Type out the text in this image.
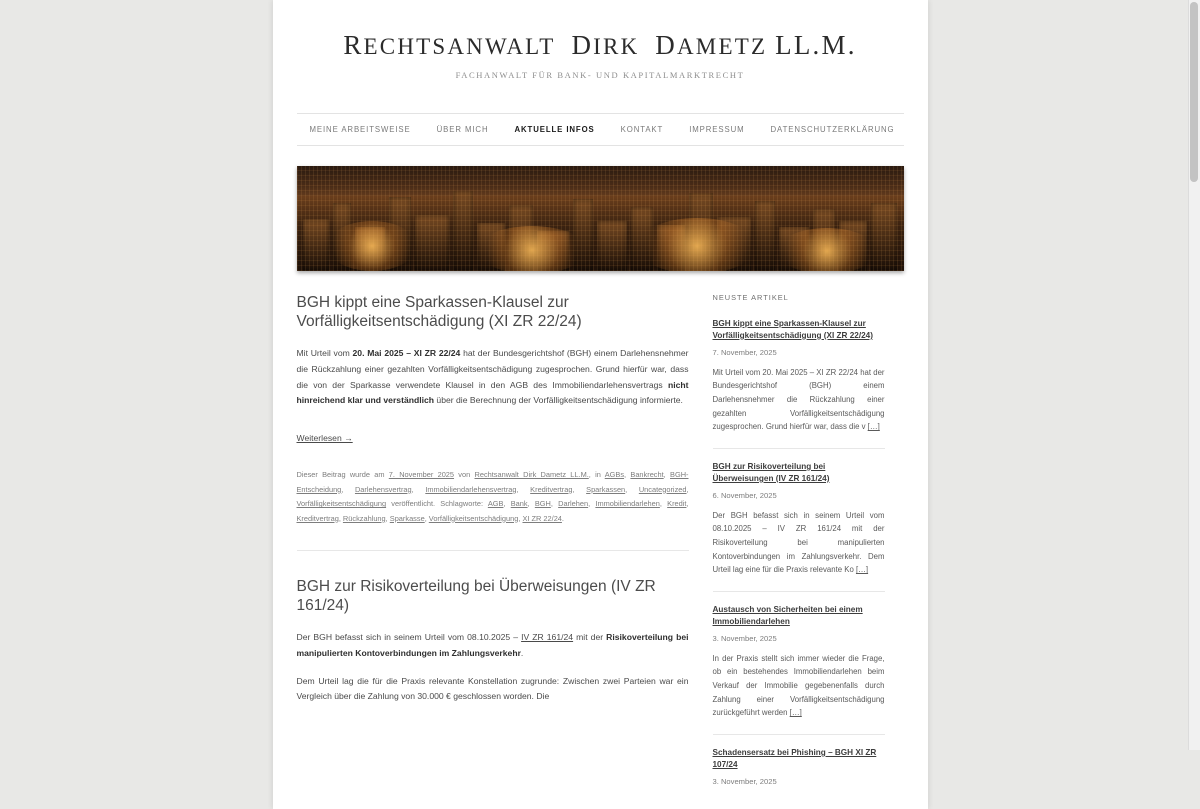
RECHTSANWALT DIRK DAMETZ LL.M.

FACHANWALT FÜR BANK- UND KAPITALMARKTRECHT

MEINE ARBEITSWEISE	ÜBER MICH	AKTUELLE INFOS	KONTAKT	IMPRESSUM	DATENSCHUTZERKLÄRUNG
BGH kippt eine Sparkassen-Klausel zur Vorfälligkeitsentschädigung (XI ZR 22/24)

Mit Urteil vom 20. Mai 2025 – XI ZR 22/24 hat der Bundesgerichtshof (BGH) einem Darlehensnehmer die Rückzahlung einer gezahlten Vorfälligkeitsentschädigung zugesprochen. Grund hierfür war, dass die von der Sparkasse verwendete Klausel in den AGB des Immobiliendarlehensvertrags nicht hinreichend klar und verständlich über die Berechnung der Vorfälligkeitsentschädigung informierte.

Weiterlesen →
Dieser Beitrag wurde am 7. November 2025 von Rechtsanwalt Dirk Dametz LL.M., in AGBs, Bankrecht, BGH-Entscheidung, Darlehensvertrag, Immobiliendarlehensvertrag, Kreditvertrag, Sparkassen, Uncategorized, Vorfälligkeitsentschädigung veröffentlicht. Schlagworte: AGB, Bank, BGH, Darlehen, Immobiliendarlehen, Kredit, Kreditvertrag, Rückzahlung, Sparkasse, Vorfälligkeitsentschädigung, XI ZR 22/24.
BGH zur Risikoverteilung bei Überweisungen (IV ZR 161/24)

Der BGH befasst sich in seinem Urteil vom 08.10.2025 – IV ZR 161/24 mit der Risikoverteilung bei manipulierten Kontoverbindungen im Zahlungsverkehr.

Dem Urteil lag die für die Praxis relevante Konstellation zugrunde: Zwischen zwei Parteien war ein Vergleich über die Zahlung von 30.000 € geschlossen worden. Die

NEUSTE ARTIKEL
BGH kippt eine Sparkassen-Klausel zur Vorfälligkeitsentschädigung (XI ZR 22/24)
7. November, 2025

Mit Urteil vom 20. Mai 2025 – XI ZR 22/24 hat der Bundesgerichtshof (BGH) einem Darlehensnehmer die Rückzahlung einer gezahlten Vorfälligkeitsentschädigung zugesprochen. Grund hierfür war, dass die v […]

BGH zur Risikoverteilung bei Überweisungen (IV ZR 161/24)
6. November, 2025

Der BGH befasst sich in seinem Urteil vom 08.10.2025 – IV ZR 161/24 mit der Risikoverteilung bei manipulierten Kontoverbindungen im Zahlungsverkehr. Dem Urteil lag eine für die Praxis relevante Ko […]

Austausch von Sicherheiten bei einem Immobiliendarlehen
3. November, 2025

In der Praxis stellt sich immer wieder die Frage, ob ein bestehendes Immobiliendarlehen beim Verkauf der Immobilie gegebenenfalls durch Zahlung einer Vorfälligkeitsentschädigung zurückgeführt werden […]

Schadensersatz bei Phishing – BGH XI ZR 107/24
3. November, 2025
